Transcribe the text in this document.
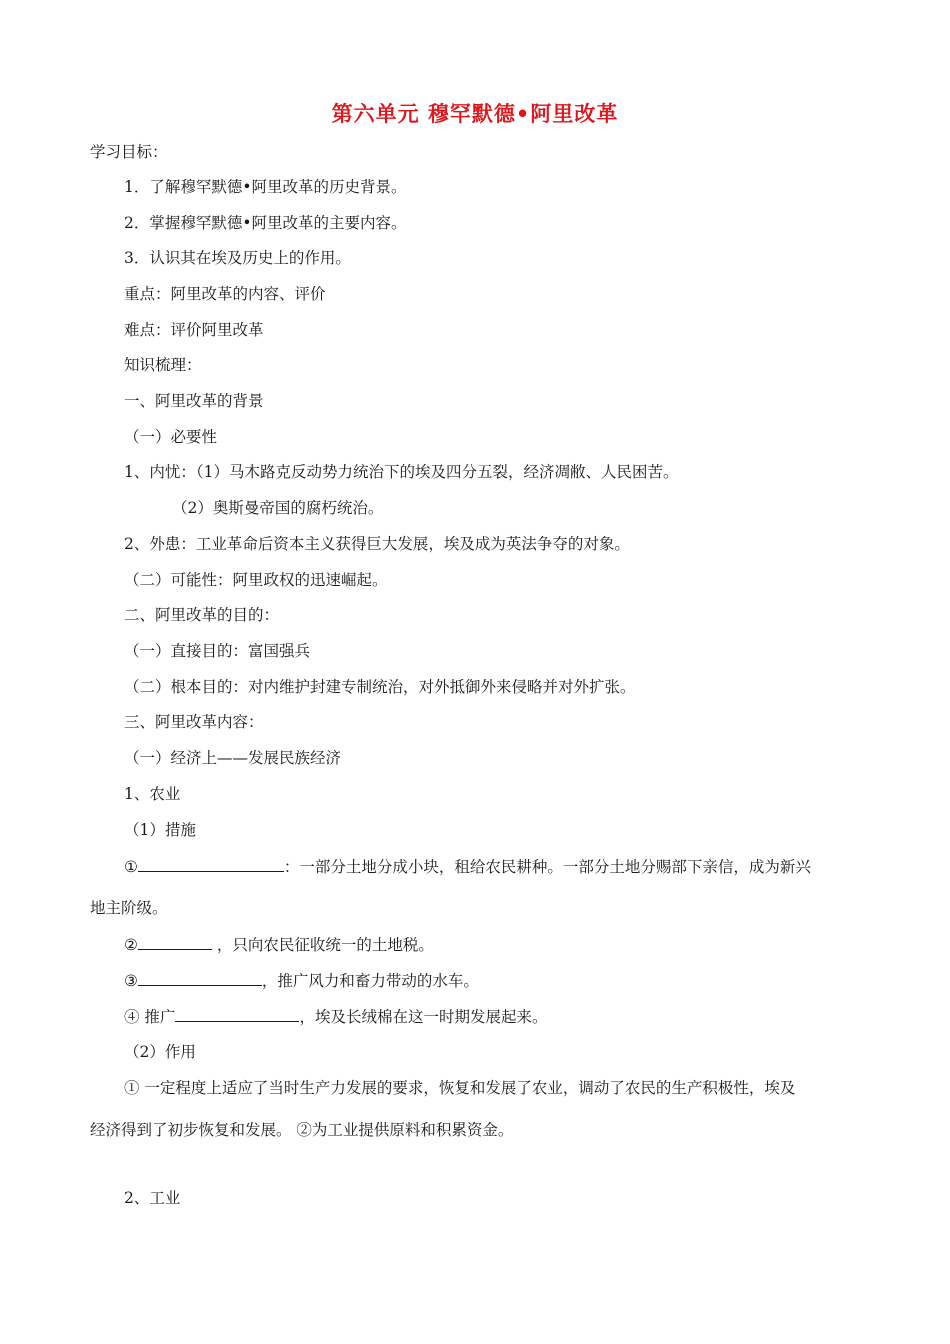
第六单元 穆罕默德•阿里改革
学习目标：
1．了解穆罕默德•阿里改革的历史背景。
2．掌握穆罕默德•阿里改革的主要内容。
3．认识其在埃及历史上的作用。
重点：阿里改革的内容、评价
难点：评价阿里改革
知识梳理：
一、阿里改革的背景
（一）必要性
1、内忧：（1）马木路克反动势力统治下的埃及四分五裂，经济凋敝、人民困苦。
（2）奥斯曼帝国的腐朽统治。
2、外患：工业革命后资本主义获得巨大发展，埃及成为英法争夺的对象。
（二）可能性：阿里政权的迅速崛起。
二、阿里改革的目的：
（一）直接目的：富国强兵
（二）根本目的：对内维护封建专制统治，对外抵御外来侵略并对外扩张。
三、阿里改革内容：
（一）经济上——发展民族经济
1、农业
（1）措施
①	：一部分土地分成小块，租给农民耕种。一部分土地分赐部下亲信，成为新兴
地主阶级。
②	，只向农民征收统一的土地税。
③	，推广风力和畜力带动的水车。
④ 推广	，埃及长绒棉在这一时期发展起来。
（2）作用
① 一定程度上适应了当时生产力发展的要求，恢复和发展了农业，调动了农民的生产积极性，埃及
经济得到了初步恢复和发展。 ②为工业提供原料和积累资金。
2、工业
